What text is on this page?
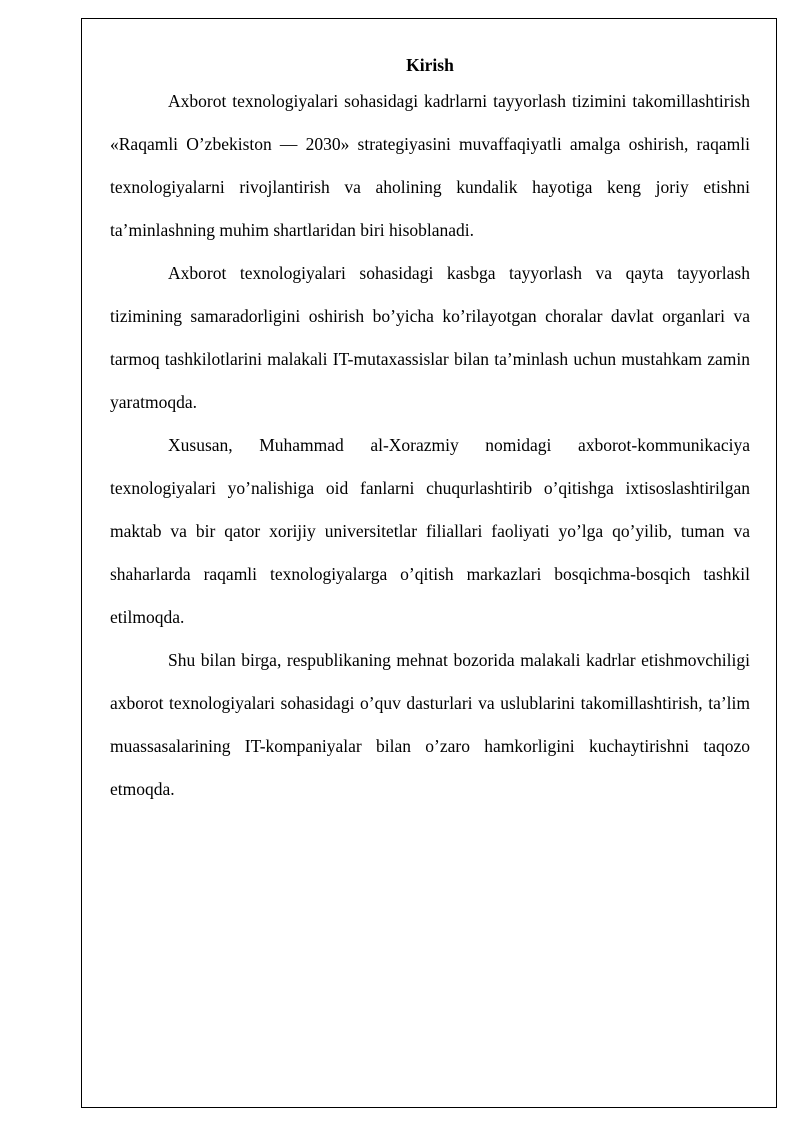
Kirish

Axborot texnologiyalari sohasidagi kadrlarni tayyorlash tizimini takomillashtirish «Raqamli O’zbekiston — 2030» strategiyasini muvaffaqiyatli amalga oshirish, raqamli texnologiyalarni rivojlantirish va aholining kundalik hayotiga keng joriy etishni ta’minlashning muhim shartlaridan biri hisoblanadi.

Axborot texnologiyalari sohasidagi kasbga tayyorlash va qayta tayyorlash tizimining samaradorligini oshirish bo’yicha ko’rilayotgan choralar davlat organlari va tarmoq tashkilotlarini malakali IT-mutaxassislar bilan ta’minlash uchun mustahkam zamin yaratmoqda.

Xususan, Muhammad al-Xorazmiy nomidagi axborot-kommunikaciya texnologiyalari yo’nalishiga oid fanlarni chuqurlashtirib o’qitishga ixtisoslashtirilgan maktab va bir qator xorijiy universitetlar filiallari faoliyati yo’lga qo’yilib, tuman va shaharlarda raqamli texnologiyalarga o’qitish markazlari bosqichma-bosqich tashkil etilmoqda.

Shu bilan birga, respublikaning mehnat bozorida malakali kadrlar etishmovchiligi axborot texnologiyalari sohasidagi o’quv dasturlari va uslublarini takomillashtirish, ta’lim muassasalarining IT-kompaniyalar bilan o’zaro hamkorligini kuchaytirishni taqozo etmoqda.
